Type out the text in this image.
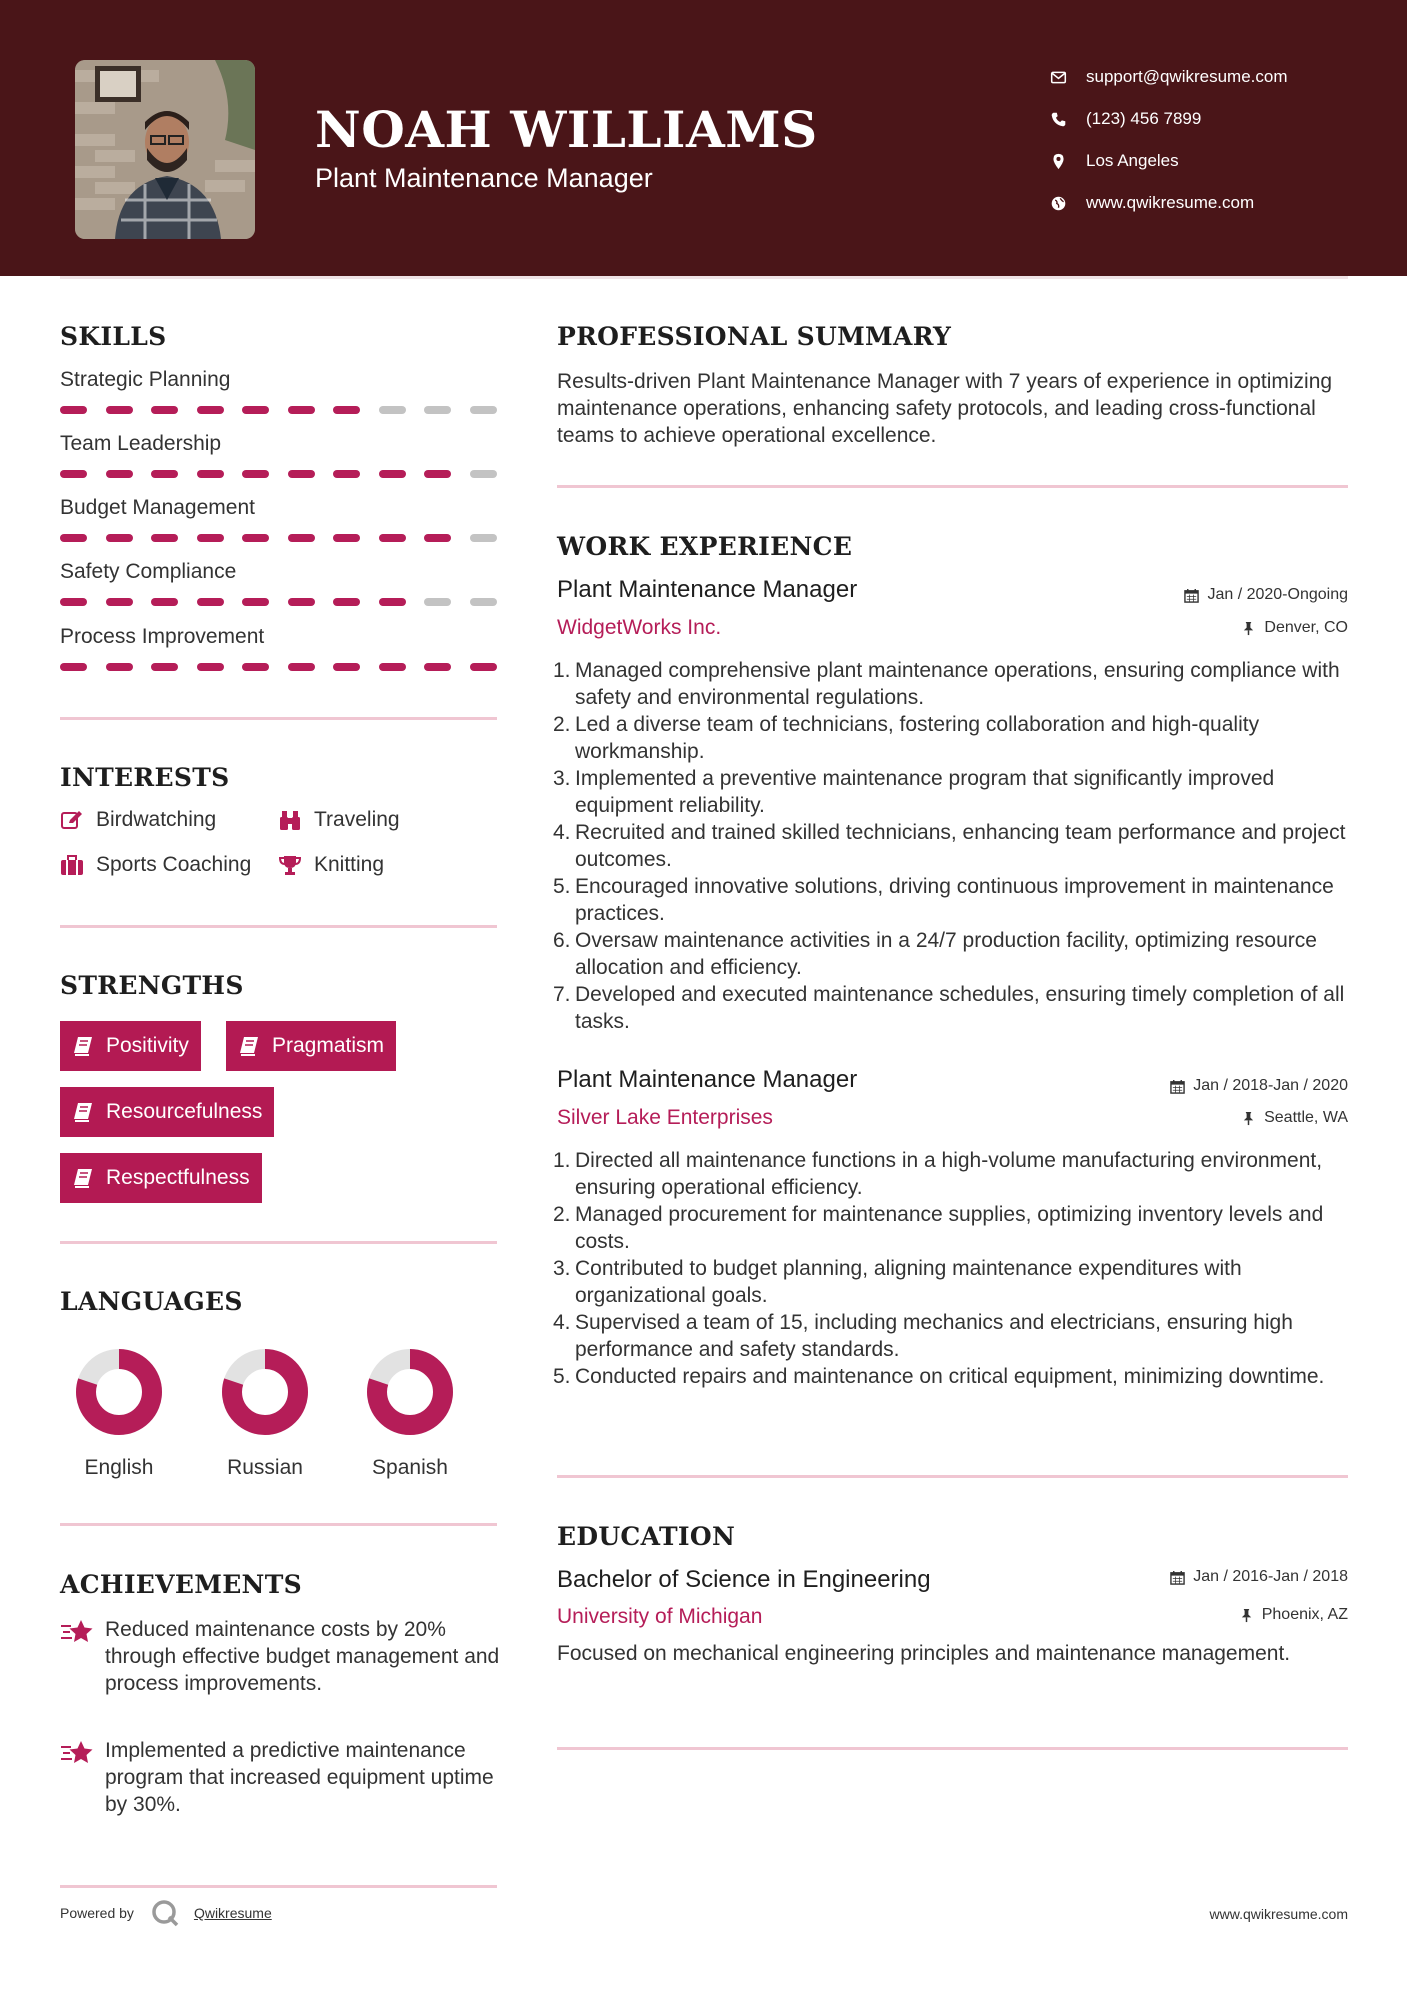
NOAH WILLIAMS
Plant Maintenance Manager
support@qwikresume.com
(123) 456 7899
Los Angeles
www.qwikresume.com
SKILLS
Strategic Planning
Team Leadership
Budget Management
Safety Compliance
Process Improvement
INTERESTS
Birdwatching	Traveling
Sports Coaching	Knitting
STRENGTHS
Positivity	Pragmatism
Resourcefulness
Respectfulness
LANGUAGES
English	Russian	Spanish
ACHIEVEMENTS
Reduced maintenance costs by 20% through effective budget management and process improvements.
Implemented a predictive maintenance program that increased equipment uptime by 30%.
Powered by	Qwikresume	www.qwikresume.com
PROFESSIONAL SUMMARY
Results-driven Plant Maintenance Manager with 7 years of experience in optimizing maintenance operations, enhancing safety protocols, and leading cross-functional teams to achieve operational excellence.
WORK EXPERIENCE
Plant Maintenance Manager	Jan / 2020-Ongoing
WidgetWorks Inc.	Denver, CO
1. Managed comprehensive plant maintenance operations, ensuring compliance with safety and environmental regulations.
2. Led a diverse team of technicians, fostering collaboration and high-quality workmanship.
3. Implemented a preventive maintenance program that significantly improved equipment reliability.
4. Recruited and trained skilled technicians, enhancing team performance and project outcomes.
5. Encouraged innovative solutions, driving continuous improvement in maintenance practices.
6. Oversaw maintenance activities in a 24/7 production facility, optimizing resource allocation and efficiency.
7. Developed and executed maintenance schedules, ensuring timely completion of all tasks.
Plant Maintenance Manager	Jan / 2018-Jan / 2020
Silver Lake Enterprises	Seattle, WA
1. Directed all maintenance functions in a high-volume manufacturing environment, ensuring operational efficiency.
2. Managed procurement for maintenance supplies, optimizing inventory levels and costs.
3. Contributed to budget planning, aligning maintenance expenditures with organizational goals.
4. Supervised a team of 15, including mechanics and electricians, ensuring high performance and safety standards.
5. Conducted repairs and maintenance on critical equipment, minimizing downtime.
EDUCATION
Bachelor of Science in Engineering	Jan / 2016-Jan / 2018
University of Michigan	Phoenix, AZ
Focused on mechanical engineering principles and maintenance management.
